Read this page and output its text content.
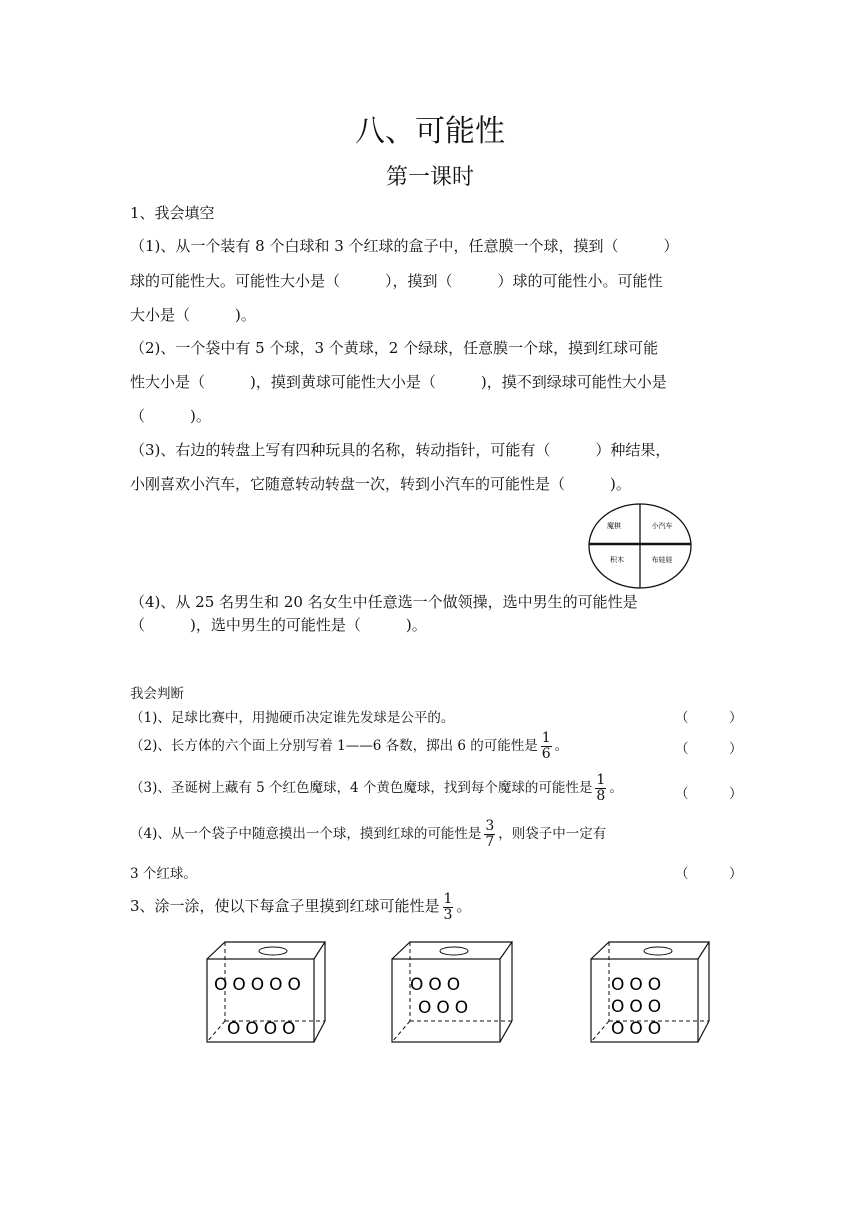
八、可能性
第一课时
1、我会填空
（1)、从一个装有 8 个白球和 3 个红球的盒子中，任意膜一个球，摸到（　　　）
球的可能性大。可能性大小是（　　　），摸到（　　　）球的可能性小。可能性
大小是（　　　)。
（2)、一个袋中有 5 个球，3 个黄球，2 个绿球，任意膜一个球，摸到红球可能
性大小是（　　　)，摸到黄球可能性大小是（　　　)，摸不到绿球可能性大小是
（　　　)。
（3)、右边的转盘上写有四种玩具的名称，转动指针，可能有（　　　）种结果，
小刚喜欢小汽车，它随意转动转盘一次，转到小汽车的可能性是（　　　)。
魔棋	小汽车
积木	布娃娃
（4)、从 25 名男生和 20 名女生中任意选一个做领操，选中男生的可能性是
（　　　)，选中男生的可能性是（　　　)。
我会判断
（1)、足球比赛中，用抛硬币决定谁先发球是公平的。	（　　　）
（2)、长方体的六个面上分别写着 1——6 各数，掷出 6 的可能性是 $\frac{1}{6}$ 。	（　　　）
（3)、圣诞树上藏有 5 个红色魔球，4 个黄色魔球，找到每个魔球的可能性是 $\frac{1}{8}$ 。	（　　　）
（4)、从一个袋子中随意摸出一个球，摸到红球的可能性是 $\frac{3}{7}$ ，则袋子中一定有
3 个红球。	（　　　）
3、涂一涂，使以下每盒子里摸到红球可能性是 $\frac{1}{3}$ 。
OOOOO
OOOO
OOO
OOO
OOO
OOO
OOO
